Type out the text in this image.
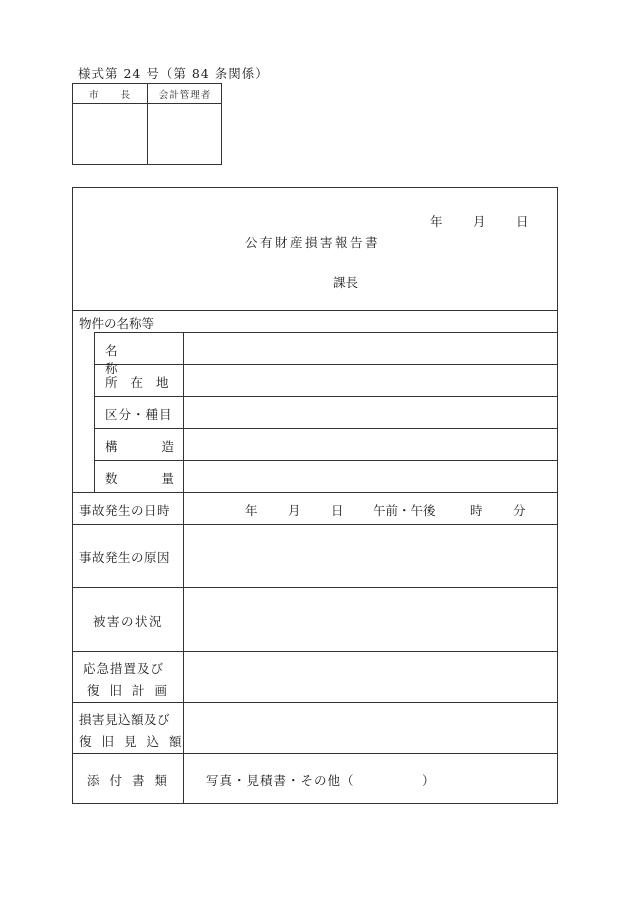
様式第 24 号（第 84 条関係）
市　　長	会計管理者
年 月 日
公有財産損害報告書
課長
物件の名称等
名称
所在地
区分・種目
構造
数量
事故発生の日時	年 月 日 午前・午後	時 分
事故発生の原因
被害の状況
応急措置及び
復旧計画
損害見込額及び
復旧見込額
添付書類 写真・見積書・その他（　　　　　）
